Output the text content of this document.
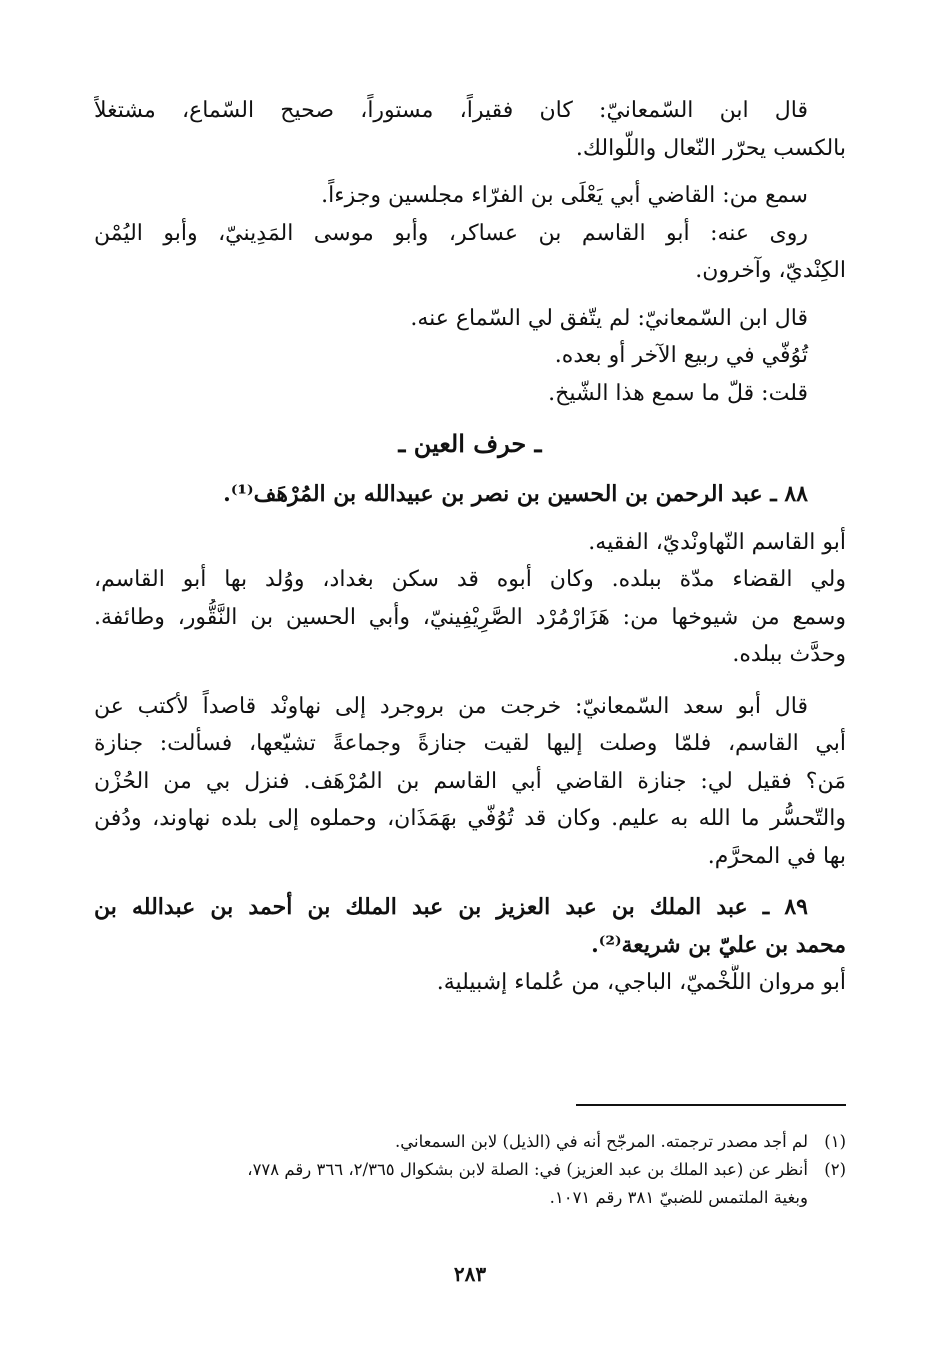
قال ابن السّمعانيّ: كان فقيراً، مستوراً، صحيح السّماع، مشتغلاً
بالكسب يحرّر النّعال واللّوالك.
سمع من: القاضي أبي يَعْلَى بن الفرّاء مجلسين وجزءاً.
روى عنه: أبو القاسم بن عساكر، وأبو موسى المَدِينيّ، وأبو اليُمْن
الكِنْديّ، وآخرون.
قال ابن السّمعانيّ: لم يتّفق لي السّماع عنه.
تُوُفّي في ربيع الآخر أو بعده.
قلت: قلّ ما سمع هذا الشّيخ.
ـ حرف العين ـ
٨٨ ـ عبد الرحمن بن الحسين بن نصر بن عبيدالله بن المُرْهَف⁽¹⁾.
أبو القاسم النّهاونْديّ، الفقيه.
ولي القضاء مدّة ببلده. وكان أبوه قد سكن بغداد، ووُلد بها أبو القاسم،
وسمع من شيوخها من: هَزَارْمُرْد الصَّرِيْفِينيّ، وأبي الحسين بن النَّقُّور، وطائفة.
وحدَّث ببلده.
قال أبو سعد السّمعانيّ: خرجت من بروجرد إلى نهاونْد قاصداً لأكتب عن
أبي القاسم، فلمّا وصلت إليها لقيت جنازةً وجماعةً تشيّعها، فسألت: جنازة
مَن؟ فقيل لي: جنازة القاضي أبي القاسم بن المُرْهَف. فنزل بي من الحُزْن
والتّحسُّر ما الله به عليم. وكان قد تُوُفّي بهَمَذَان، وحملوه إلى بلده نهاوند، ودُفن
بها في المحرَّم.
٨٩ ـ عبد الملك بن عبد العزيز بن عبد الملك بن أحمد بن عبدالله بن
محمد بن عليّ بن شريعة⁽²⁾.
أبو مروان اللَّخْميّ، الباجي، من عُلماء إشبيلية.
(١)لم أجد مصدر ترجمته. المرجّح أنه في (الذيل) لابن السمعاني.
(٢)أنظر عن (عبد الملك بن عبد العزيز) في: الصلة لابن بشكوال ٢/٣٦٥، ٣٦٦ رقم ٧٧٨،
وبغية الملتمس للضبيّ ٣٨١ رقم ١٠٧١.
٢٨٣
